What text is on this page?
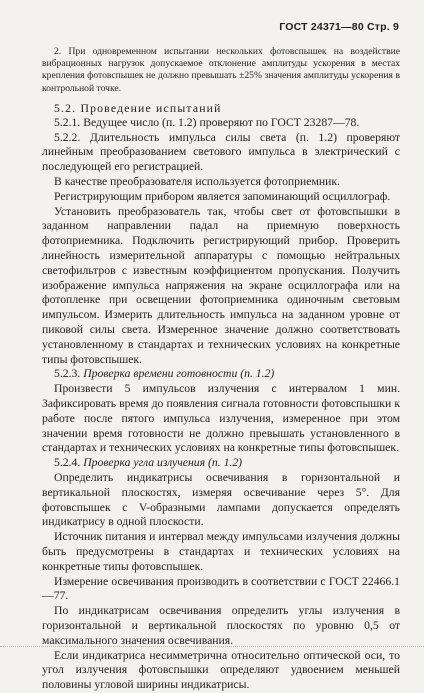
ГОСТ 24371—80 Стр. 9
2. При одновременном испытании нескольких фотовспышек на воздействие вибрационных нагрузок допускаемое отклонение амплитуды ускорения в местах крепления фотовспышек не должно превышать ±25% значения амплитуды ускорения в контрольной точке.
5.2. Проведение испытаний
5.2.1. Ведущее число (п. 1.2) проверяют по ГОСТ 23287—78.
5.2.2. Длительность импульса силы света (п. 1.2) проверяют линейным преобразованием светового импульса в электрический с последующей его регистрацией.
В качестве преобразователя используется фотоприемник.
Регистрирующим прибором является запоминающий осциллограф.
Установить преобразователь так, чтобы свет от фотовспышки в заданном направлении падал на приемную поверхность фотоприемника. Подключить регистрирующий прибор. Проверить линейность измерительной аппаратуры с помощью нейтральных светофильтров с известным коэффициентом пропускания. Получить изображение импульса напряжения на экране осциллографа или на фотопленке при освещении фотоприемника одиночным световым импульсом. Измерить длительность импульса на заданном уровне от пиковой силы света. Измеренное значение должно соответствовать установленному в стандартах и технических условиях на конкретные типы фотовспышек.
5.2.3. Проверка времени готовности (п. 1.2)
Произвести 5 импульсов излучения с интервалом 1 мин. Зафиксировать время до появления сигнала готовности фотовспышки к работе после пятого импульса излучения, измеренное при этом значении время готовности не должно превышать установленного в стандартах и технических условиях на конкретные типы фотовспышек.
5.2.4. Проверка угла излучения (п. 1.2)
Определить индикатрисы освечивания в горизонтальной и вертикальной плоскостях, измеряя освечивание через 5°. Для фотовспышек с V-образными лампами допускается определять индикатрису в одной плоскости.
Источник питания и интервал между импульсами излучения должны быть предусмотрены в стандартах и технических условиях на конкретные типы фотовспышек.
Измерение освечивания производить в соответствии с ГОСТ 22466.1—77.
По индикатрисам освечивания определить углы излучения в горизонтальной и вертикальной плоскостях по уровню 0,5 от максимального значения освечивания.
Если индикатриса несимметрична относительно оптической оси, то угол излучения фотовспышки определяют удвоением меньшей половины угловой ширины индикатрисы.
